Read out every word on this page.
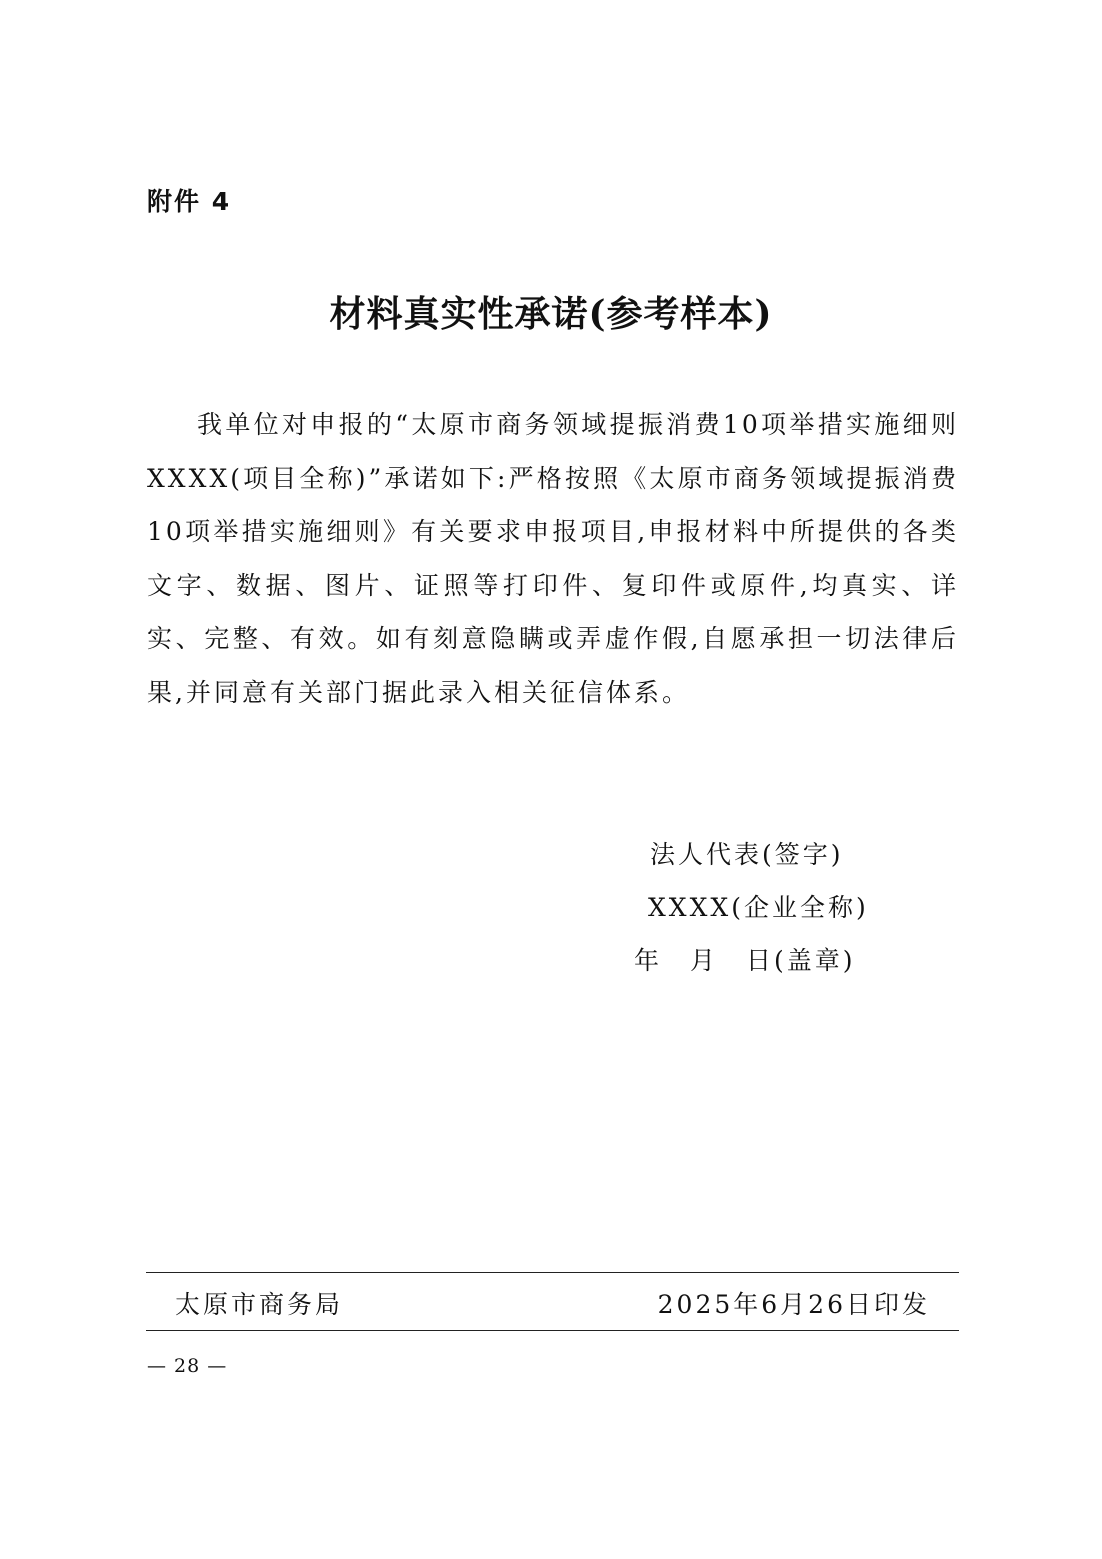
附件 4
材料真实性承诺(参考样本)

我单位对申报的“太原市商务领域提振消费10项举措实施细则XXXX(项目全称)”承诺如下:严格按照《太原市商务领域提振消费10项举措实施细则》有关要求申报项目,申报材料中所提供的各类文字、数据、图片、证照等打印件、复印件或原件,均真实、详实、完整、有效。如有刻意隐瞒或弄虚作假,自愿承担一切法律后果,并同意有关部门据此录入相关征信体系。

法人代表(签字)
XXXX(企业全称)
年 月 日(盖章)
太原市商务局	2025年6月26日印发
— 28 —
